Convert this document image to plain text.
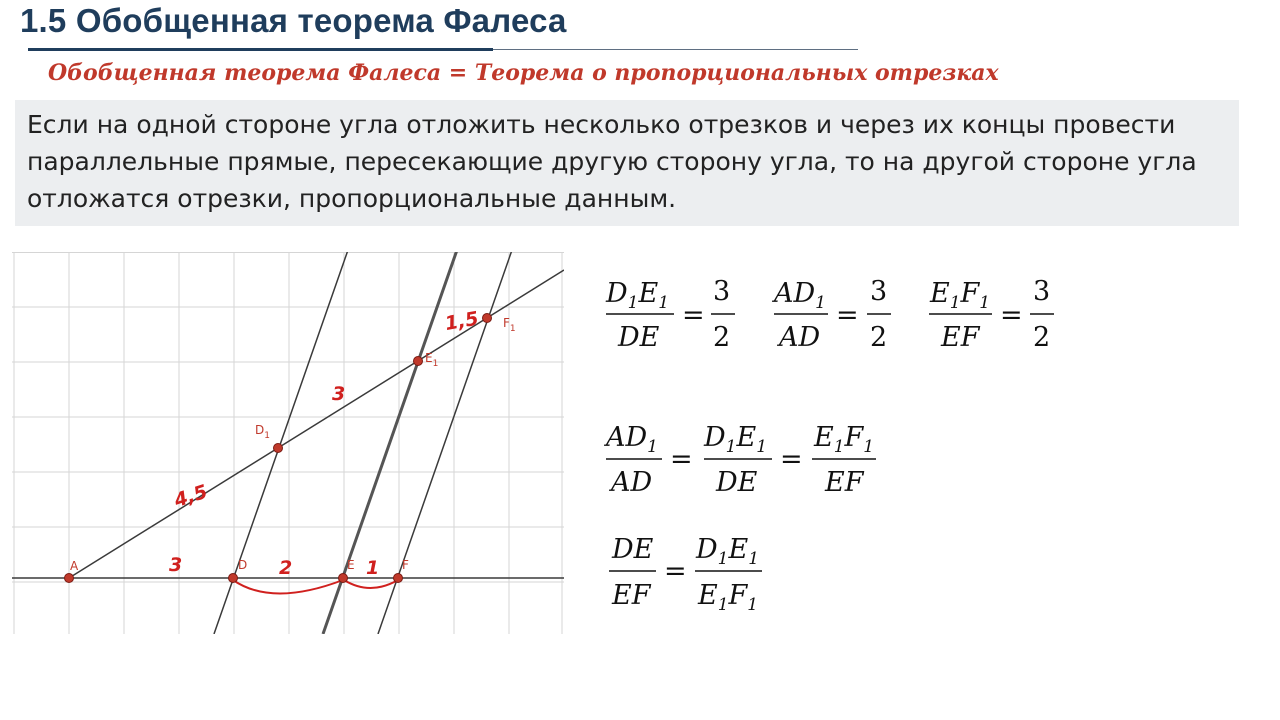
1.5 Обобщенная теорема Фалеса

Обобщенная теорема Фалеса = Теорема о пропорциональных отрезках

Если на одной стороне угла отложить несколько отрезков и через их концы провести

параллельные прямые, пересекающие другую сторону угла, то на другой стороне угла

отложатся отрезки, пропорциональные данным.

A	D	E	F
$D_1$
$E_1$
$F_1$
3	2	1
4,5
3
1,5
$D_1E_1$
DE
=
3
2
$AD_1$
AD
=
3
2
$E_1F_1$
EF
=
3
2
$AD_1$
AD
=
$D_1E_1$
DE
=
$E_1F_1$
EF
DE
EF
=
$D_1E_1$
$E_1F_1$
